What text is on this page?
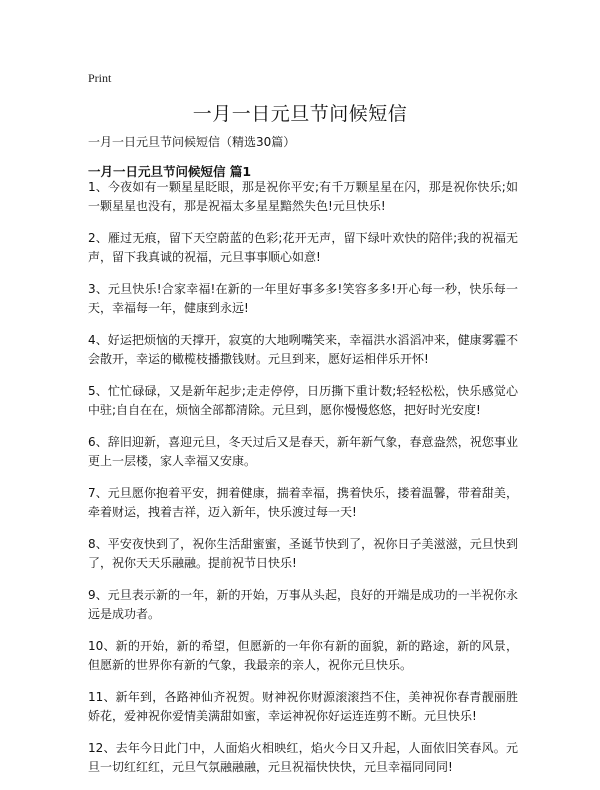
Print
一月一日元旦节问候短信
一月一日元旦节问候短信（精选30篇）
一月一日元旦节问候短信 篇1

1、今夜如有一颗星星眨眼，那是祝你平安;有千万颗星星在闪，那是祝你快乐;如一颗星星也没有，那是祝福太多星星黯然失色!元旦快乐!

2、雁过无痕，留下天空蔚蓝的色彩;花开无声，留下绿叶欢快的陪伴;我的祝福无声，留下我真诚的祝福，元旦事事顺心如意!

3、元旦快乐!合家幸福!在新的一年里好事多多!笑容多多!开心每一秒，快乐每一天，幸福每一年，健康到永远!

4、好运把烦恼的天撑开，寂寞的大地咧嘴笑来，幸福洪水滔滔冲来，健康雾霾不会散开，幸运的橄榄枝播撒钱财。元旦到来，愿好运相伴乐开怀!

5、忙忙碌碌，又是新年起步;走走停停，日历撕下重计数;轻轻松松，快乐感觉心中驻;自自在在，烦恼全部都清除。元旦到，愿你慢慢悠悠，把好时光安度!

6、辞旧迎新，喜迎元旦，冬天过后又是春天，新年新气象，春意盎然，祝您事业更上一层楼，家人幸福又安康。

7、元旦愿你抱着平安，拥着健康，揣着幸福，携着快乐，搂着温馨，带着甜美，牵着财运，拽着吉祥，迈入新年，快乐渡过每一天!

8、平安夜快到了，祝你生活甜蜜蜜，圣诞节快到了，祝你日子美滋滋，元旦快到了，祝你天天乐融融。提前祝节日快乐!

9、元旦表示新的一年，新的开始，万事从头起，良好的开端是成功的一半祝你永远是成功者。

10、新的开始，新的希望，但愿新的一年你有新的面貌，新的路途，新的风景，但愿新的世界你有新的气象，我最亲的亲人，祝你元旦快乐。

11、新年到，各路神仙齐祝贺。财神祝你财源滚滚挡不住，美神祝你春青靓丽胜娇花，爱神祝你爱情美满甜如蜜，幸运神祝你好运连连剪不断。元旦快乐!

12、去年今日此门中，人面焰火相映红，焰火今日又升起，人面依旧笑春风。元旦一切红红红，元旦气氛融融融，元旦祝福快快快，元旦幸福同同同!
